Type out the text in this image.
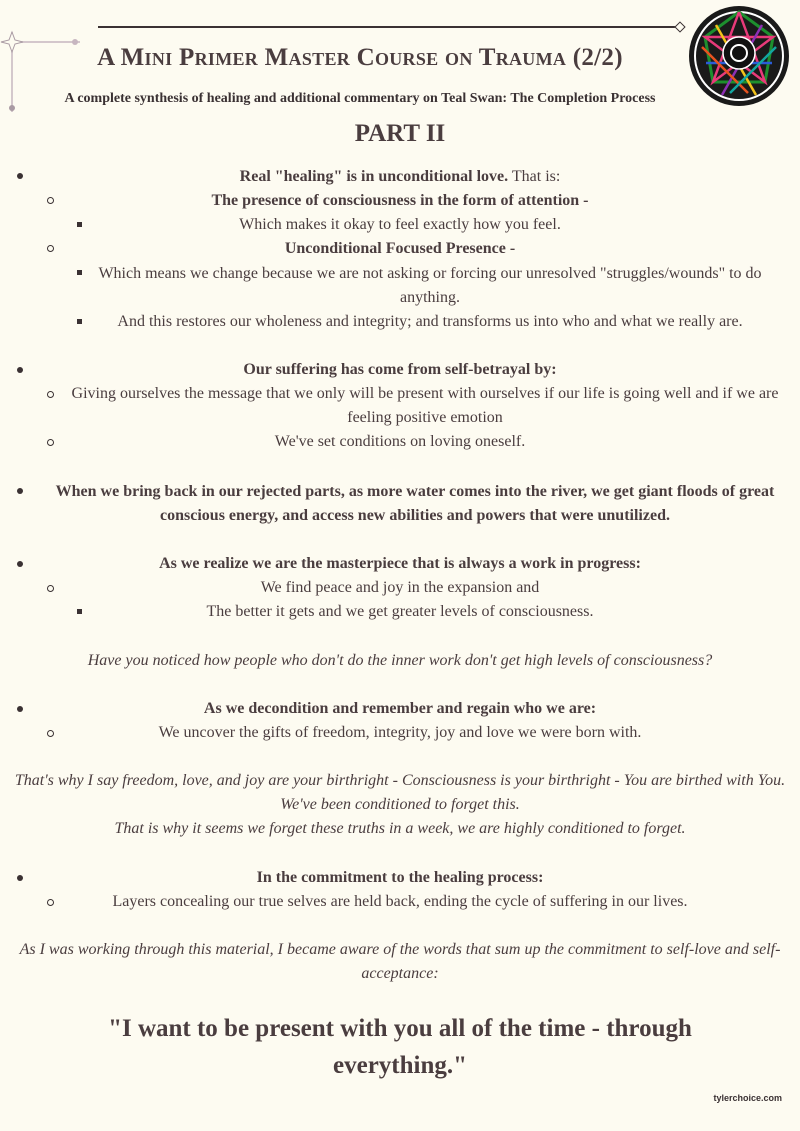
A Mini Primer Master Course on Trauma (2/2)
A complete synthesis of healing and additional commentary on Teal Swan: The Completion Process
PART II
Real "healing" is in unconditional love. That is:
The presence of consciousness in the form of attention -
Which makes it okay to feel exactly how you feel.
Unconditional Focused Presence -
Which means we change because we are not asking or forcing our unresolved "struggles/wounds" to do
anything.
And this restores our wholeness and integrity; and transforms us into who and what we really are.
Our suffering has come from self-betrayal by:
Giving ourselves the message that we only will be present with ourselves if our life is going well and if we are
feeling positive emotion
We've set conditions on loving oneself.
When we bring back in our rejected parts, as more water comes into the river, we get giant floods of great
conscious energy, and access new abilities and powers that were unutilized.
As we realize we are the masterpiece that is always a work in progress:
We find peace and joy in the expansion and
The better it gets and we get greater levels of consciousness.
Have you noticed how people who don't do the inner work don't get high levels of consciousness?
As we decondition and remember and regain who we are:
We uncover the gifts of freedom, integrity, joy and love we were born with.
That's why I say freedom, love, and joy are your birthright - Consciousness is your birthright - You are birthed with You.
We've been conditioned to forget this.
That is why it seems we forget these truths in a week, we are highly conditioned to forget.
In the commitment to the healing process:
Layers concealing our true selves are held back, ending the cycle of suffering in our lives.
As I was working through this material, I became aware of the words that sum up the commitment to self-love and self-
acceptance:
"I want to be present with you all of the time - through
everything."
tylerchoice.com
